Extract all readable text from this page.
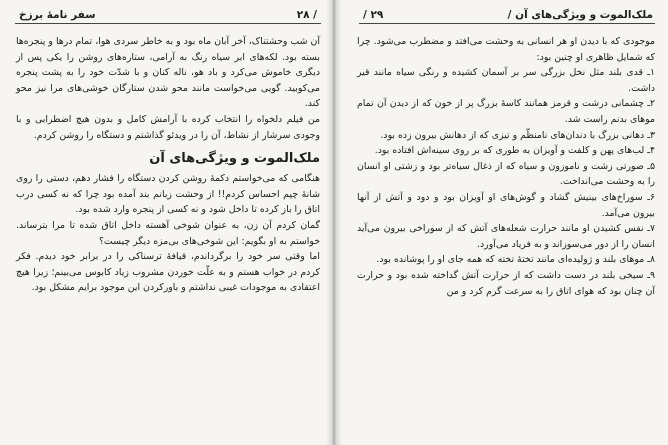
سفر نامهٔ برزخ	۲۸ /

آن شب وحشتناک، آخر آبان ماه بود و به خاطر سردی هوا، تمام درها و پنجره‌ها بسته بود. لکه‌های ابر سیاه رنگ به آرامی، ستاره‌های روشن را یکی پس از دیگری خاموش می‌کرد و باد هو، ناله کنان و با شدّت خود را به پشت پنجره می‌کوبید. گویی می‌خواست مانند محو شدن ستارگان خوشی‌های مرا نیز محو کند.

من فیلم دلخواه را انتخاب کرده با آرامش کامل و بدون هیچ اضطرابی و با وجودی سرشار از نشاط، آن را در ویدئو گذاشتم و دستگاه را روشن کردم.

ملک‌الموت و ویژگی‌های آن

هنگامی که می‌خواستم دکمهٔ روشن کردن دستگاه را فشار دهم، دستی را روی شانهٔ چپم احساس کردم!! از وحشت زبانم بند آمده بود چرا که نه کسی درب اتاق را باز کرده تا داخل شود و نه کسی از پنجره وارد شده بود.

گمان کردم آن زن، به عنوان شوخی آهسته داخل اتاق شده تا مرا بترساند. خواستم به او بگویم: این شوخی‌های بی‌مزه دیگر چیست؟

اما وقتی سر خود را برگرداندم، قیافهٔ ترسناکی را در برابر خود دیدم. فکر کردم در خواب هستم و به علّت خوردن مشروب زیاد کابوس می‌بینم؛ زیرا هیچ اعتقادی به موجودات غیبی نداشتم و باورکردن این موجود برایم مشکل بود.

ملک‌الموت و ویژگی‌های آن /
/ ۲۹

موجودی که با دیدن او هر انسانی به وحشت می‌افتد و مضطرب می‌شود. چرا که شمایل ظاهری او چنین بود:

۱ـ قدی بلند مثل نخل بزرگی سر بر آسمان کشیده و رنگی سیاه مانند قیر داشت.

۲ـ چشمانی درشت و قرمز همانند کاسهٔ بزرگ پر از خون که از دیدن آن تمام موهای بدنم راست شد.

۳ـ دهانی بزرگ با دندان‌های نامنظّم و تیزی که از دهانش بیرون زده بود.

۴ـ لب‌های پهن و کلفت و آویزان به طوری که بر روی سینه‌اش افتاده بود.

۵ـ صورتی زشت و ناموزون و سیاه که از ذغال سیاه‌تر بود و زشتی او انسان را به وحشت می‌انداخت.

۶ـ سوراخ‌های بینیش گشاد و گوش‌های او آویزان بود و دود و آتش از آنها بیرون می‌آمد.

۷ـ نفس کشیدن او مانند حرارت شعله‌های آتش که از سوراخی بیرون می‌آید انسان را از دور می‌سوزاند و به فریاد می‌آورد.

۸ـ موهای بلند و ژولیده‌ای مانند تختهٔ تخته که همه جای او را پوشانده بود.

۹ـ سیخی بلند در دست داشت که از حرارت آتش گداخته شده بود و حرارت آن چنان بود که هوای اتاق را به سرعت گرم کرد و من
